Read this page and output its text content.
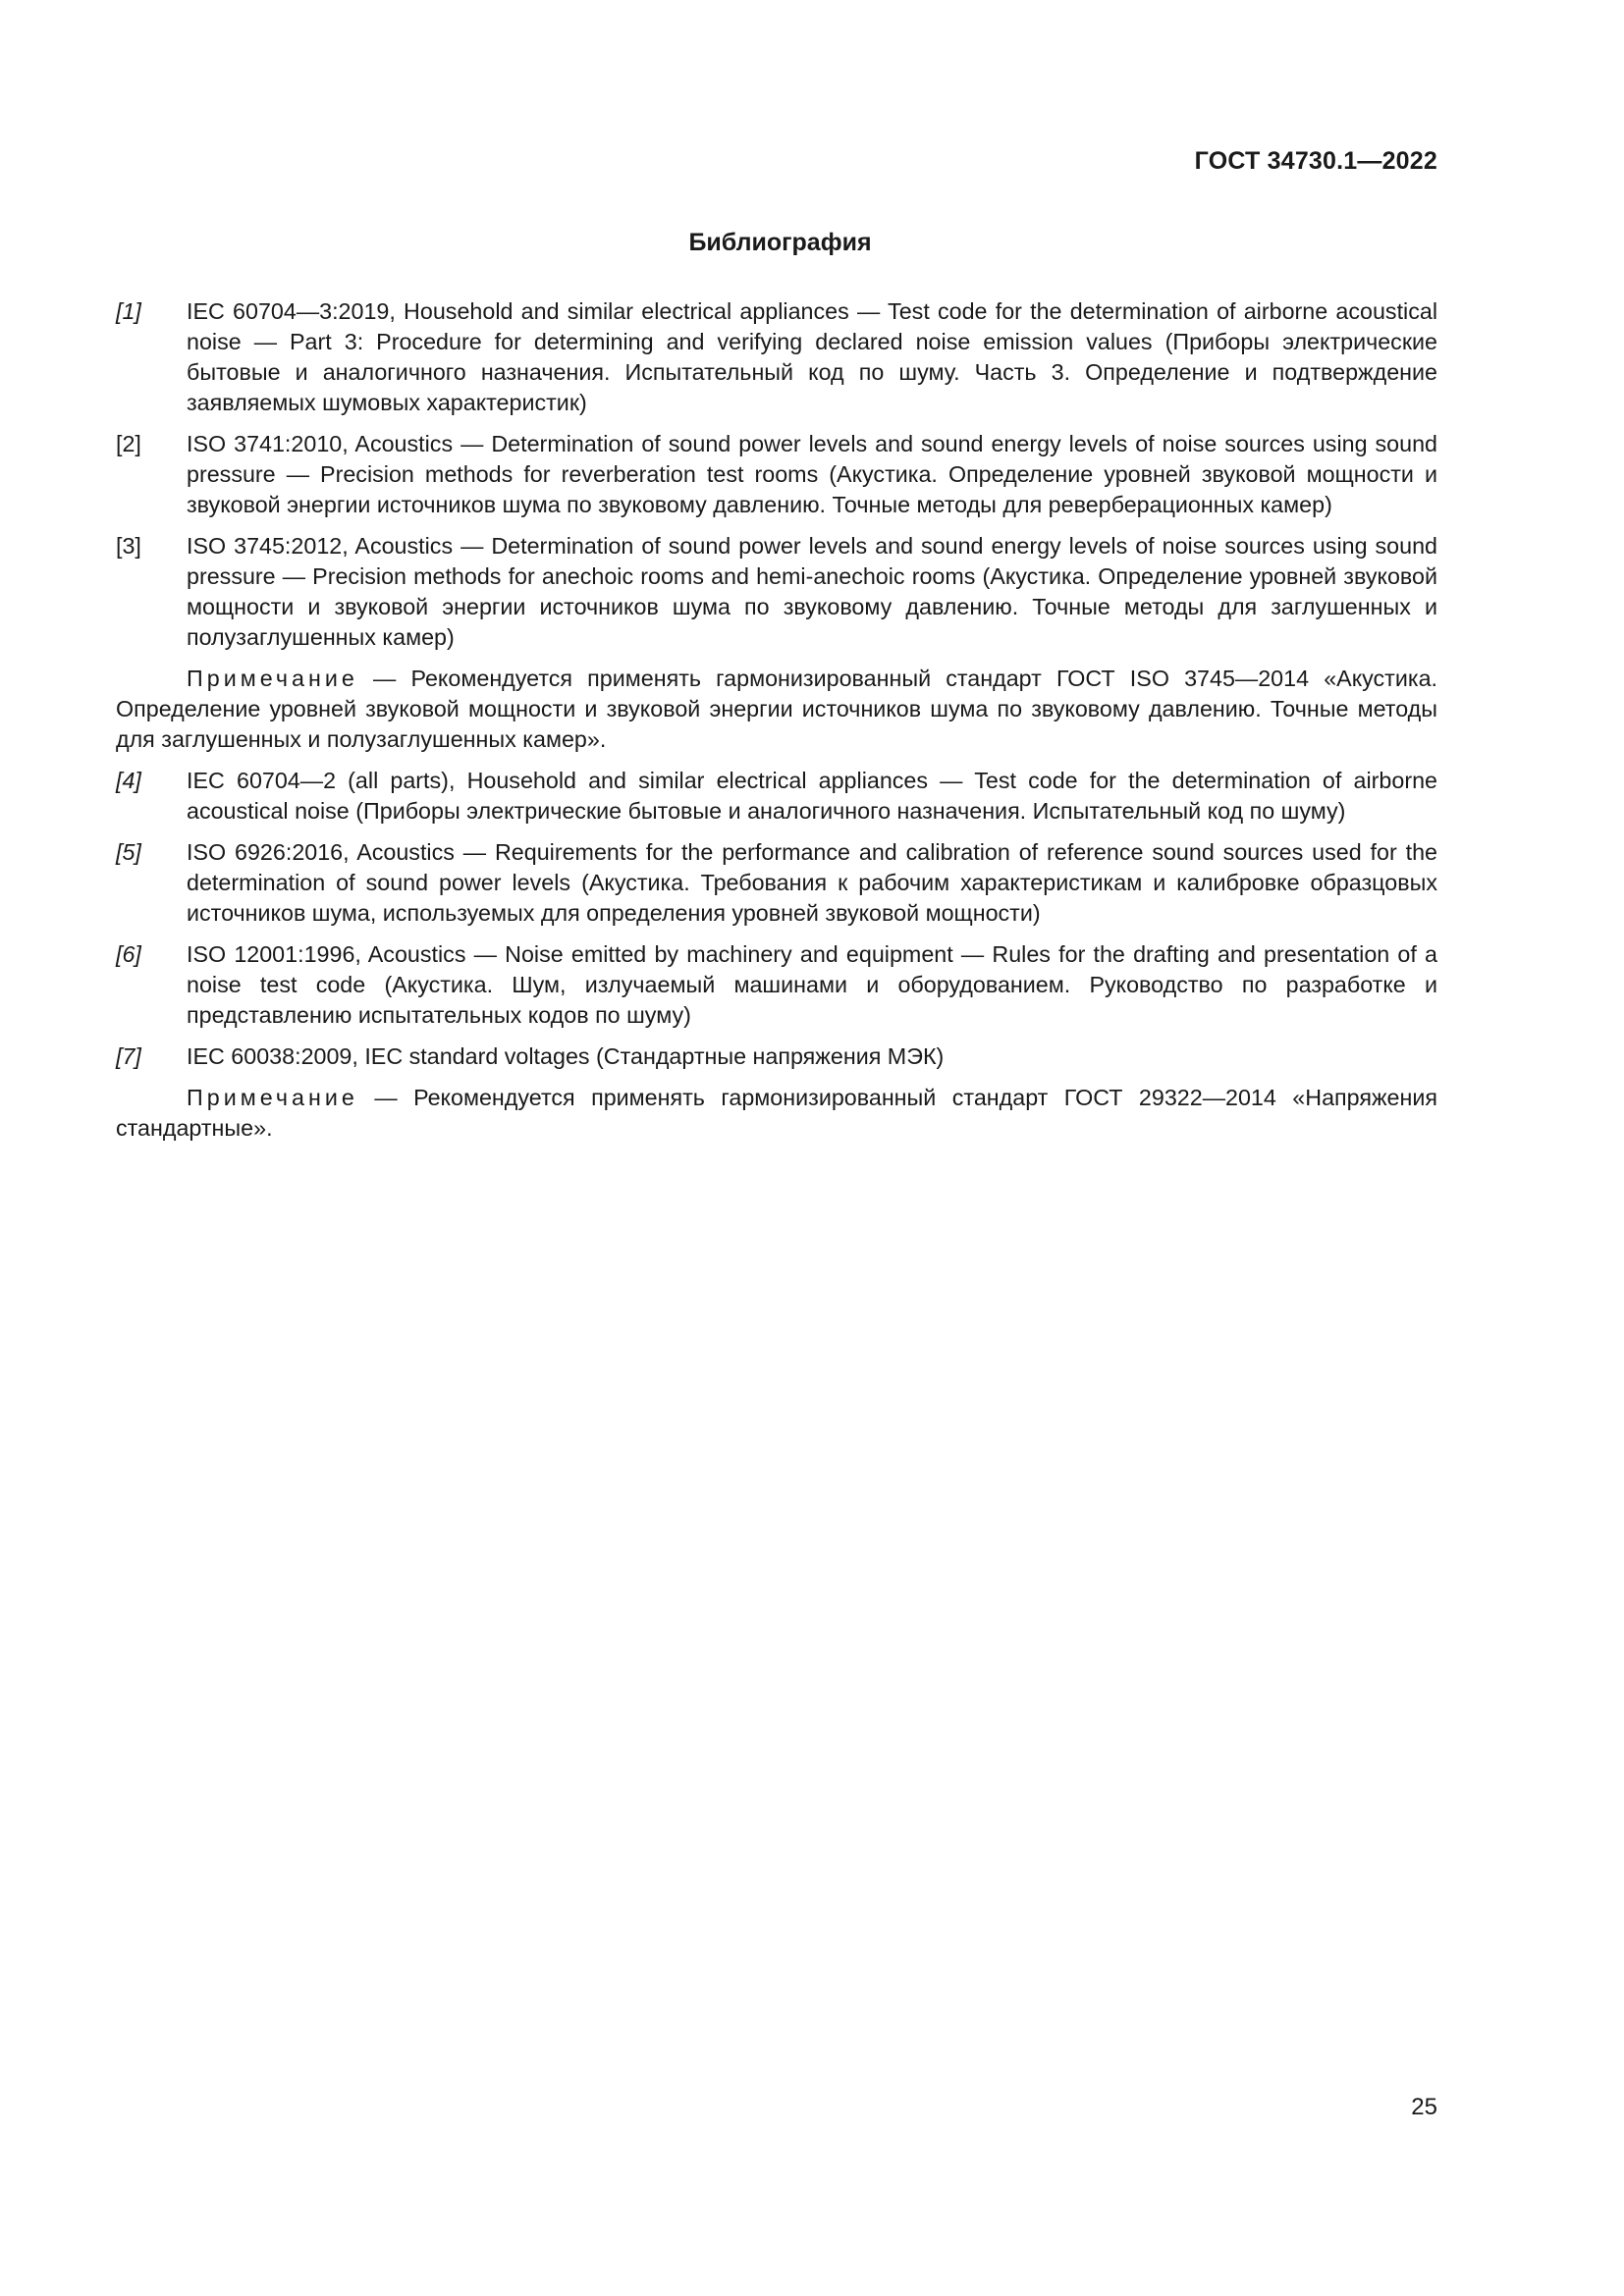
ГОСТ 34730.1—2022
Библиография
[1]	IEC 60704—3:2019, Household and similar electrical appliances — Test code for the determination of airborne acoustical noise — Part 3: Procedure for determining and verifying declared noise emission values (Приборы электрические бытовые и аналогичного назначения. Испытательный код по шуму. Часть 3. Определение и подтверждение заявляемых шумовых характеристик)
[2]	ISO 3741:2010, Acoustics — Determination of sound power levels and sound energy levels of noise sources using sound pressure — Precision methods for reverberation test rooms (Акустика. Определение уровней звуковой мощности и звуковой энергии источников шума по звуковому давлению. Точные методы для реверберационных камер)
[3]	ISO 3745:2012, Acoustics — Determination of sound power levels and sound energy levels of noise sources using sound pressure — Precision methods for anechoic rooms and hemi-anechoic rooms (Акустика. Определение уровней звуковой мощности и звуковой энергии источников шума по звуковому давлению. Точные методы для заглушенных и полузаглушенных камер)
Примечание — Рекомендуется применять гармонизированный стандарт ГОСТ ISO 3745—2014 «Акустика. Определение уровней звуковой мощности и звуковой энергии источников шума по звуковому давлению. Точные методы для заглушенных и полузаглушенных камер».
[4]	IEC 60704—2 (all parts), Household and similar electrical appliances — Test code for the determination of airborne acoustical noise (Приборы электрические бытовые и аналогичного назначения. Испытательный код по шуму)
[5]	ISO 6926:2016, Acoustics — Requirements for the performance and calibration of reference sound sources used for the determination of sound power levels (Акустика. Требования к рабочим характеристикам и калибровке образцовых источников шума, используемых для определения уровней звуковой мощности)
[6]	ISO 12001:1996, Acoustics — Noise emitted by machinery and equipment — Rules for the drafting and presentation of a noise test code (Акустика. Шум, излучаемый машинами и оборудованием. Руководство по разработке и представлению испытательных кодов по шуму)
[7]	IEC 60038:2009, IEC standard voltages (Стандартные напряжения МЭК)
Примечание — Рекомендуется применять гармонизированный стандарт ГОСТ 29322—2014 «Напряжения стандартные».
25
